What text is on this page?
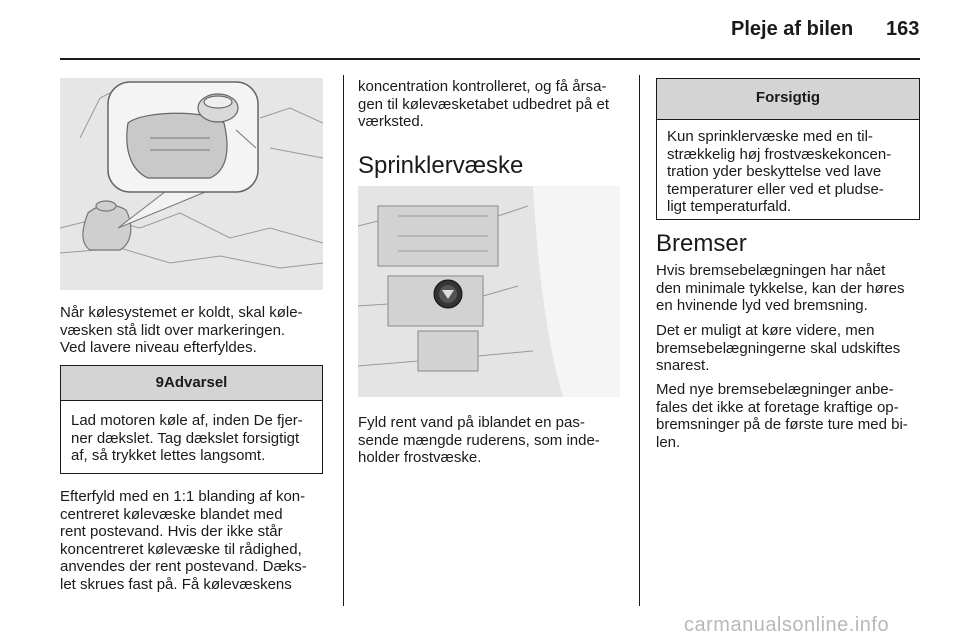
Pleje af bilen 163

Når kølesystemet er koldt, skal køle-
væsken stå lidt over markeringen.
Ved lavere niveau efterfyldes.

9Advarsel
Lad motoren køle af, inden De fjer-
ner dækslet. Tag dækslet forsigtigt
af, så trykket lettes langsomt.

Efterfyld med en 1:1 blanding af kon-
centreret kølevæske blandet med
rent postevand. Hvis der ikke står
koncentreret kølevæske til rådighed,
anvendes der rent postevand. Dæks-
let skrues fast på. Få kølevæskens

koncentration kontrolleret, og få årsa-
gen til kølevæsketabet udbedret på et
værksted.

Sprinklervæske

Fyld rent vand på iblandet en pas-
sende mængde ruderens, som inde-
holder frostvæske.

Forsigtig
Kun sprinklervæske med en til-
strækkelig høj frostvæskekoncen-
tration yder beskyttelse ved lave
temperaturer eller ved et pludse-
ligt temperaturfald.
Bremser

Hvis bremsebelægningen har nået
den minimale tykkelse, kan der høres
en hvinende lyd ved bremsning.

Det er muligt at køre videre, men
bremsebelægningerne skal udskiftes
snarest.

Med nye bremsebelægninger anbe-
fales det ikke at foretage kraftige op-
bremsninger på de første ture med bi-
len.

carmanualsonline.info
